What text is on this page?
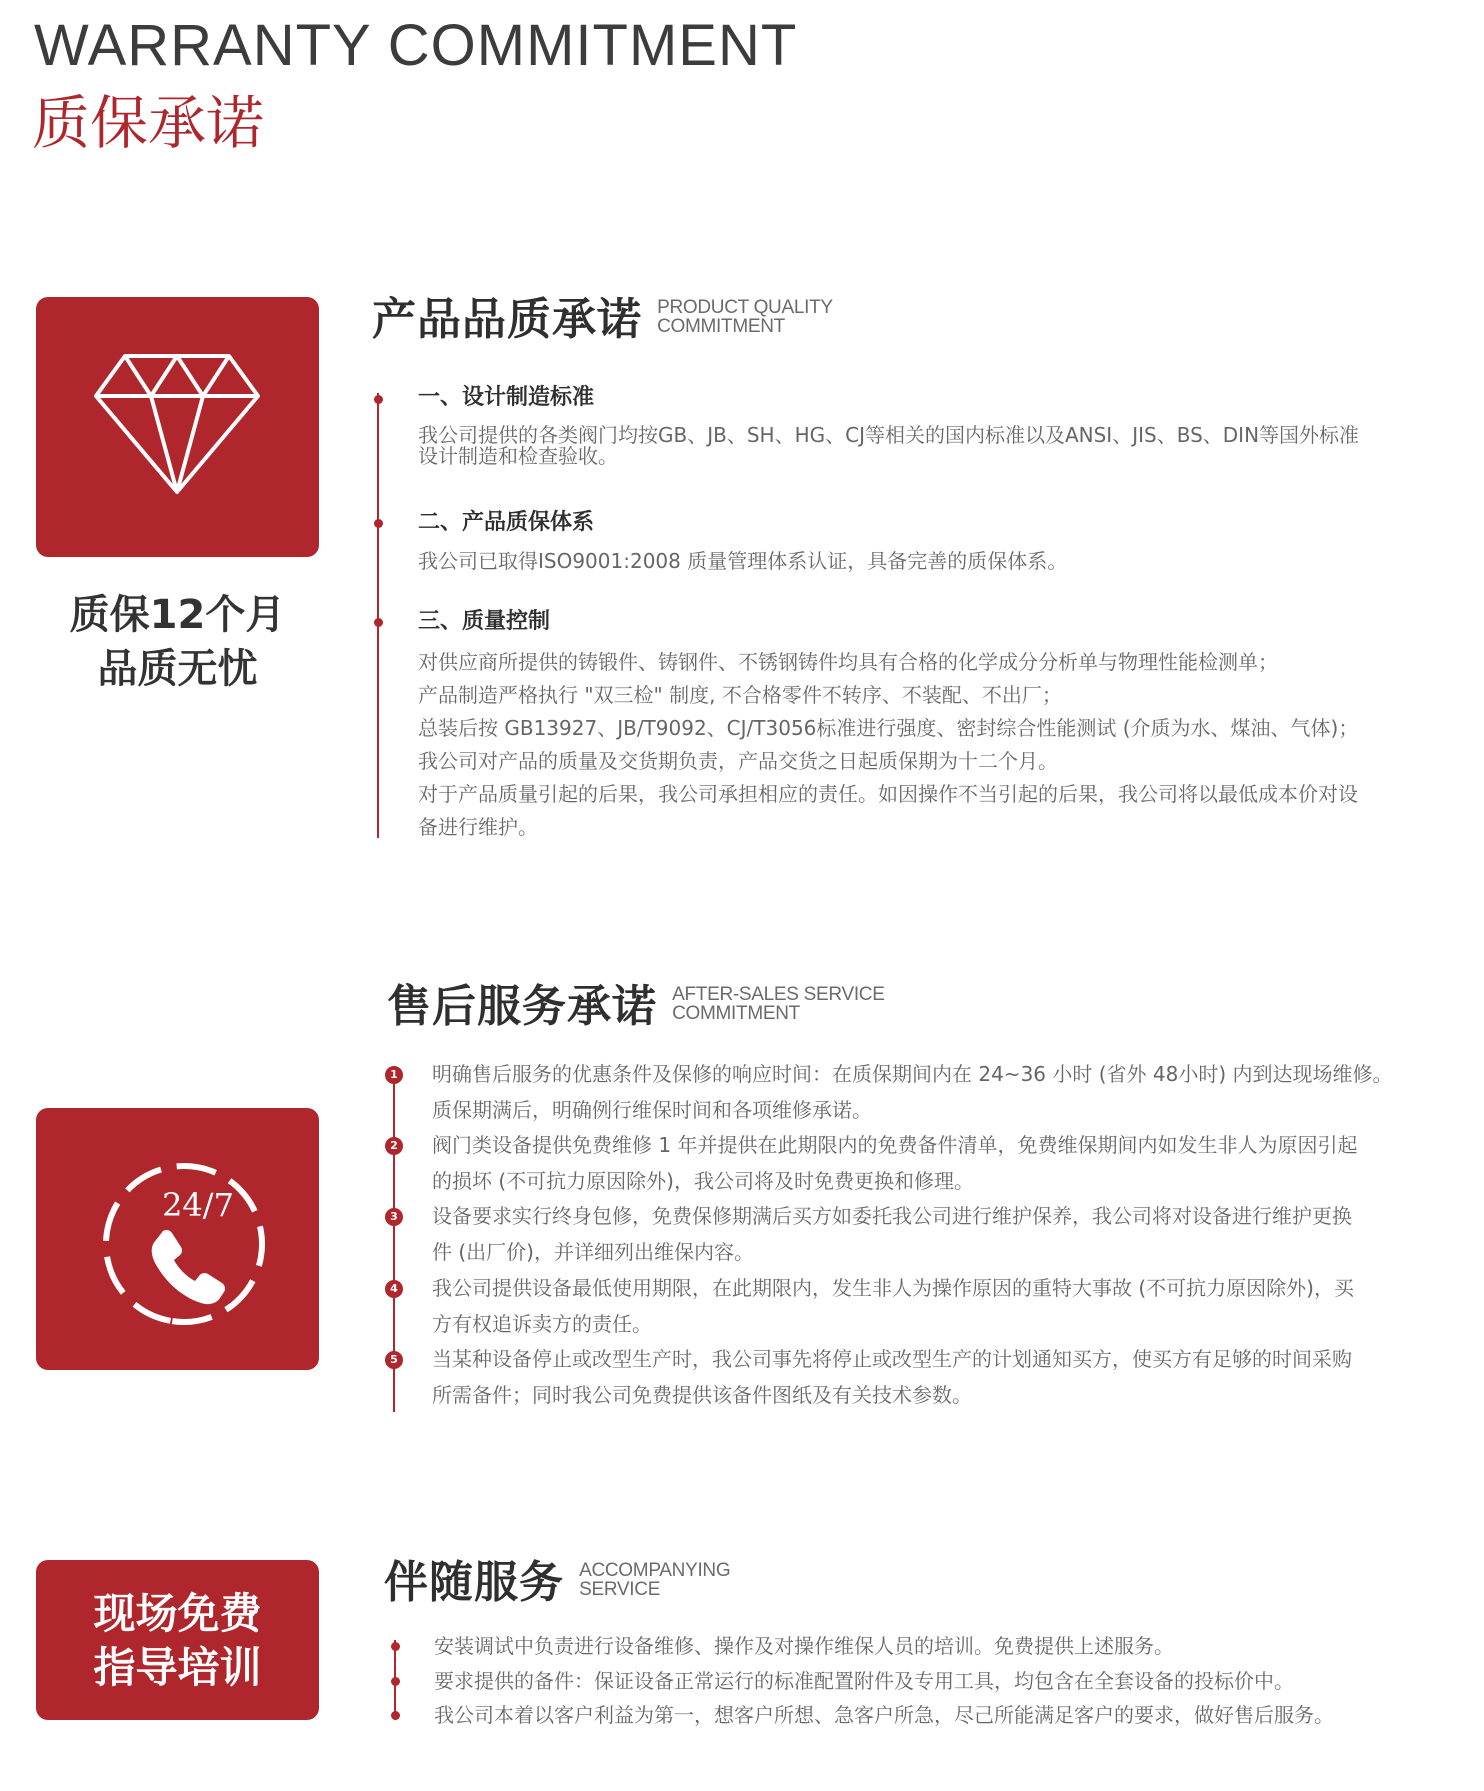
WARRANTY COMMITMENT
质保承诺
质保12个月
品质无忧
产品品质承诺 PRODUCT QUALITY
COMMITMENT
一、设计制造标准
我公司提供的各类阀门均按GB、JB、SH、HG、CJ等相关的国内标准以及ANSI、JIS、BS、DIN等国外标准
设计制造和检查验收。
二、产品质保体系
我公司已取得ISO9001:2008 质量管理体系认证，具备完善的质保体系。
三、质量控制
对供应商所提供的铸锻件、铸钢件、不锈钢铸件均具有合格的化学成分分析单与物理性能检测单；
产品制造严格执行 "双三检" 制度, 不合格零件不转序、不装配、不出厂；
总装后按 GB13927、JB/T9092、CJ/T3056标准进行强度、密封综合性能测试 (介质为水、煤油、气体)；
我公司对产品的质量及交货期负责，产品交货之日起质保期为十二个月。
对于产品质量引起的后果，我公司承担相应的责任。如因操作不当引起的后果，我公司将以最低成本价对设
备进行维护。
24/7
售后服务承诺 AFTER-SALES SERVICE
COMMITMENT
1 明确售后服务的优惠条件及保修的响应时间：在质保期间内在 24~36 小时 (省外 48小时) 内到达现场维修。
质保期满后，明确例行维保时间和各项维修承诺。
2 阀门类设备提供免费维修 1 年并提供在此期限内的免费备件清单，免费维保期间内如发生非人为原因引起
的损坏 (不可抗力原因除外)，我公司将及时免费更换和修理。
3 设备要求实行终身包修，免费保修期满后买方如委托我公司进行维护保养，我公司将对设备进行维护更换
件 (出厂价)，并详细列出维保内容。
4 我公司提供设备最低使用期限，在此期限内，发生非人为操作原因的重特大事故 (不可抗力原因除外)，买
方有权追诉卖方的责任。
5 当某种设备停止或改型生产时，我公司事先将停止或改型生产的计划通知买方，使买方有足够的时间采购
所需备件；同时我公司免费提供该备件图纸及有关技术参数。
现场免费
指导培训
伴随服务 ACCOMPANYING
SERVICE
安装调试中负责进行设备维修、操作及对操作维保人员的培训。免费提供上述服务。
要求提供的备件：保证设备正常运行的标准配置附件及专用工具，均包含在全套设备的投标价中。
我公司本着以客户利益为第一，想客户所想、急客户所急，尽己所能满足客户的要求，做好售后服务。
